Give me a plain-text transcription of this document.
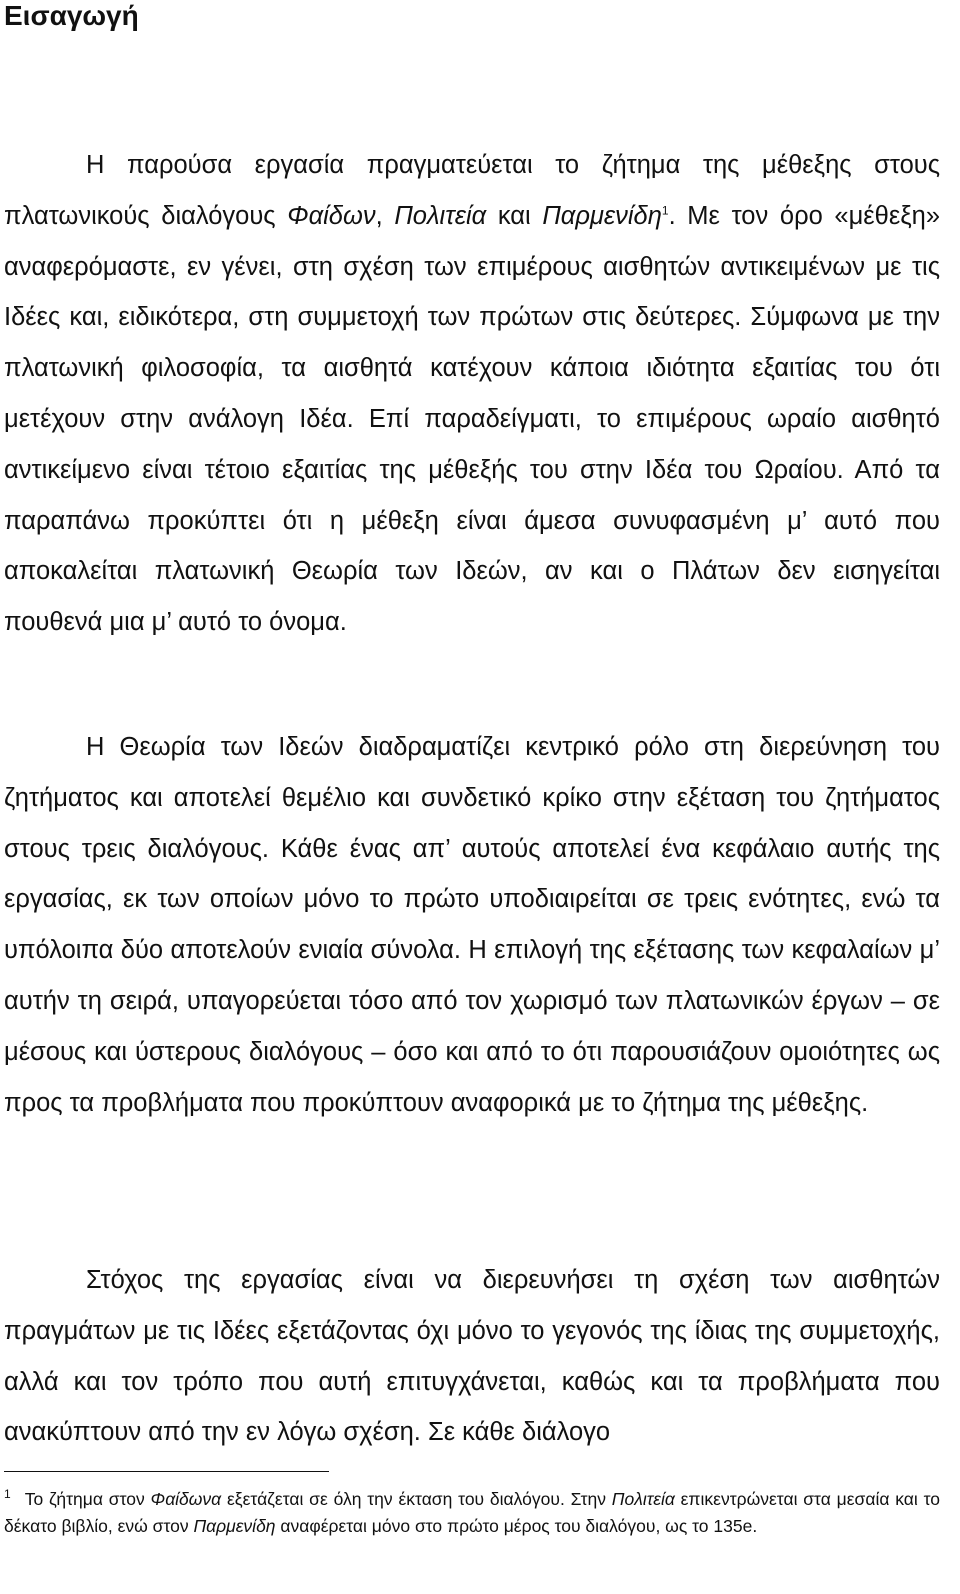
Εισαγωγή

Η παρούσα εργασία πραγματεύεται το ζήτημα της μέθεξης στους πλατωνικούς διαλόγους Φαίδων, Πολιτεία και Παρμενίδη$^1$. Με τον όρο «μέθεξη» αναφερόμαστε, εν γένει, στη σχέση των επιμέρους αισθητών αντικειμένων με τις Ιδέες και, ειδικότερα, στη συμμετοχή των πρώτων στις δεύτερες. Σύμφωνα με την πλατωνική φιλοσοφία, τα αισθητά κατέχουν κάποια ιδιότητα εξαιτίας του ότι μετέχουν στην ανάλογη Ιδέα. Επί παραδείγματι, το επιμέρους ωραίο αισθητό αντικείμενο είναι τέτοιο εξαιτίας της μέθεξής του στην Ιδέα του Ωραίου. Από τα παραπάνω προκύπτει ότι η μέθεξη είναι άμεσα συνυφασμένη μ’ αυτό που αποκαλείται πλατωνική Θεωρία των Ιδεών, αν και ο Πλάτων δεν εισηγείται πουθενά μια μ’ αυτό το όνομα.

Η Θεωρία των Ιδεών διαδραματίζει κεντρικό ρόλο στη διερεύνηση του ζητήματος και αποτελεί θεμέλιο και συνδετικό κρίκο στην εξέταση του ζητήματος στους τρεις διαλόγους. Κάθε ένας απ’ αυτούς αποτελεί ένα κεφάλαιο αυτής της εργασίας, εκ των οποίων μόνο το πρώτο υποδιαιρείται σε τρεις ενότητες, ενώ τα υπόλοιπα δύο αποτελούν ενιαία σύνολα. Η επιλογή της εξέτασης των κεφαλαίων μ’ αυτήν τη σειρά, υπαγορεύεται τόσο από τον χωρισμό των πλατωνικών έργων – σε μέσους και ύστερους διαλόγους – όσο και από το ότι παρουσιάζουν ομοιότητες ως προς τα προβλήματα που προκύπτουν αναφορικά με το ζήτημα της μέθεξης.

Στόχος της εργασίας είναι να διερευνήσει τη σχέση των αισθητών πραγμάτων με τις Ιδέες εξετάζοντας όχι μόνο το γεγονός της ίδιας της συμμετοχής, αλλά και τον τρόπο που αυτή επιτυγχάνεται, καθώς και τα προβλήματα που ανακύπτουν από την εν λόγω σχέση. Σε κάθε διάλογο

$^1$ Το ζήτημα στον Φαίδωνα εξετάζεται σε όλη την έκταση του διαλόγου. Στην Πολιτεία επικεντρώνεται στα μεσαία και το δέκατο βιβλίο, ενώ στον Παρμενίδη αναφέρεται μόνο στο πρώτο μέρος του διαλόγου, ως το 135e.
